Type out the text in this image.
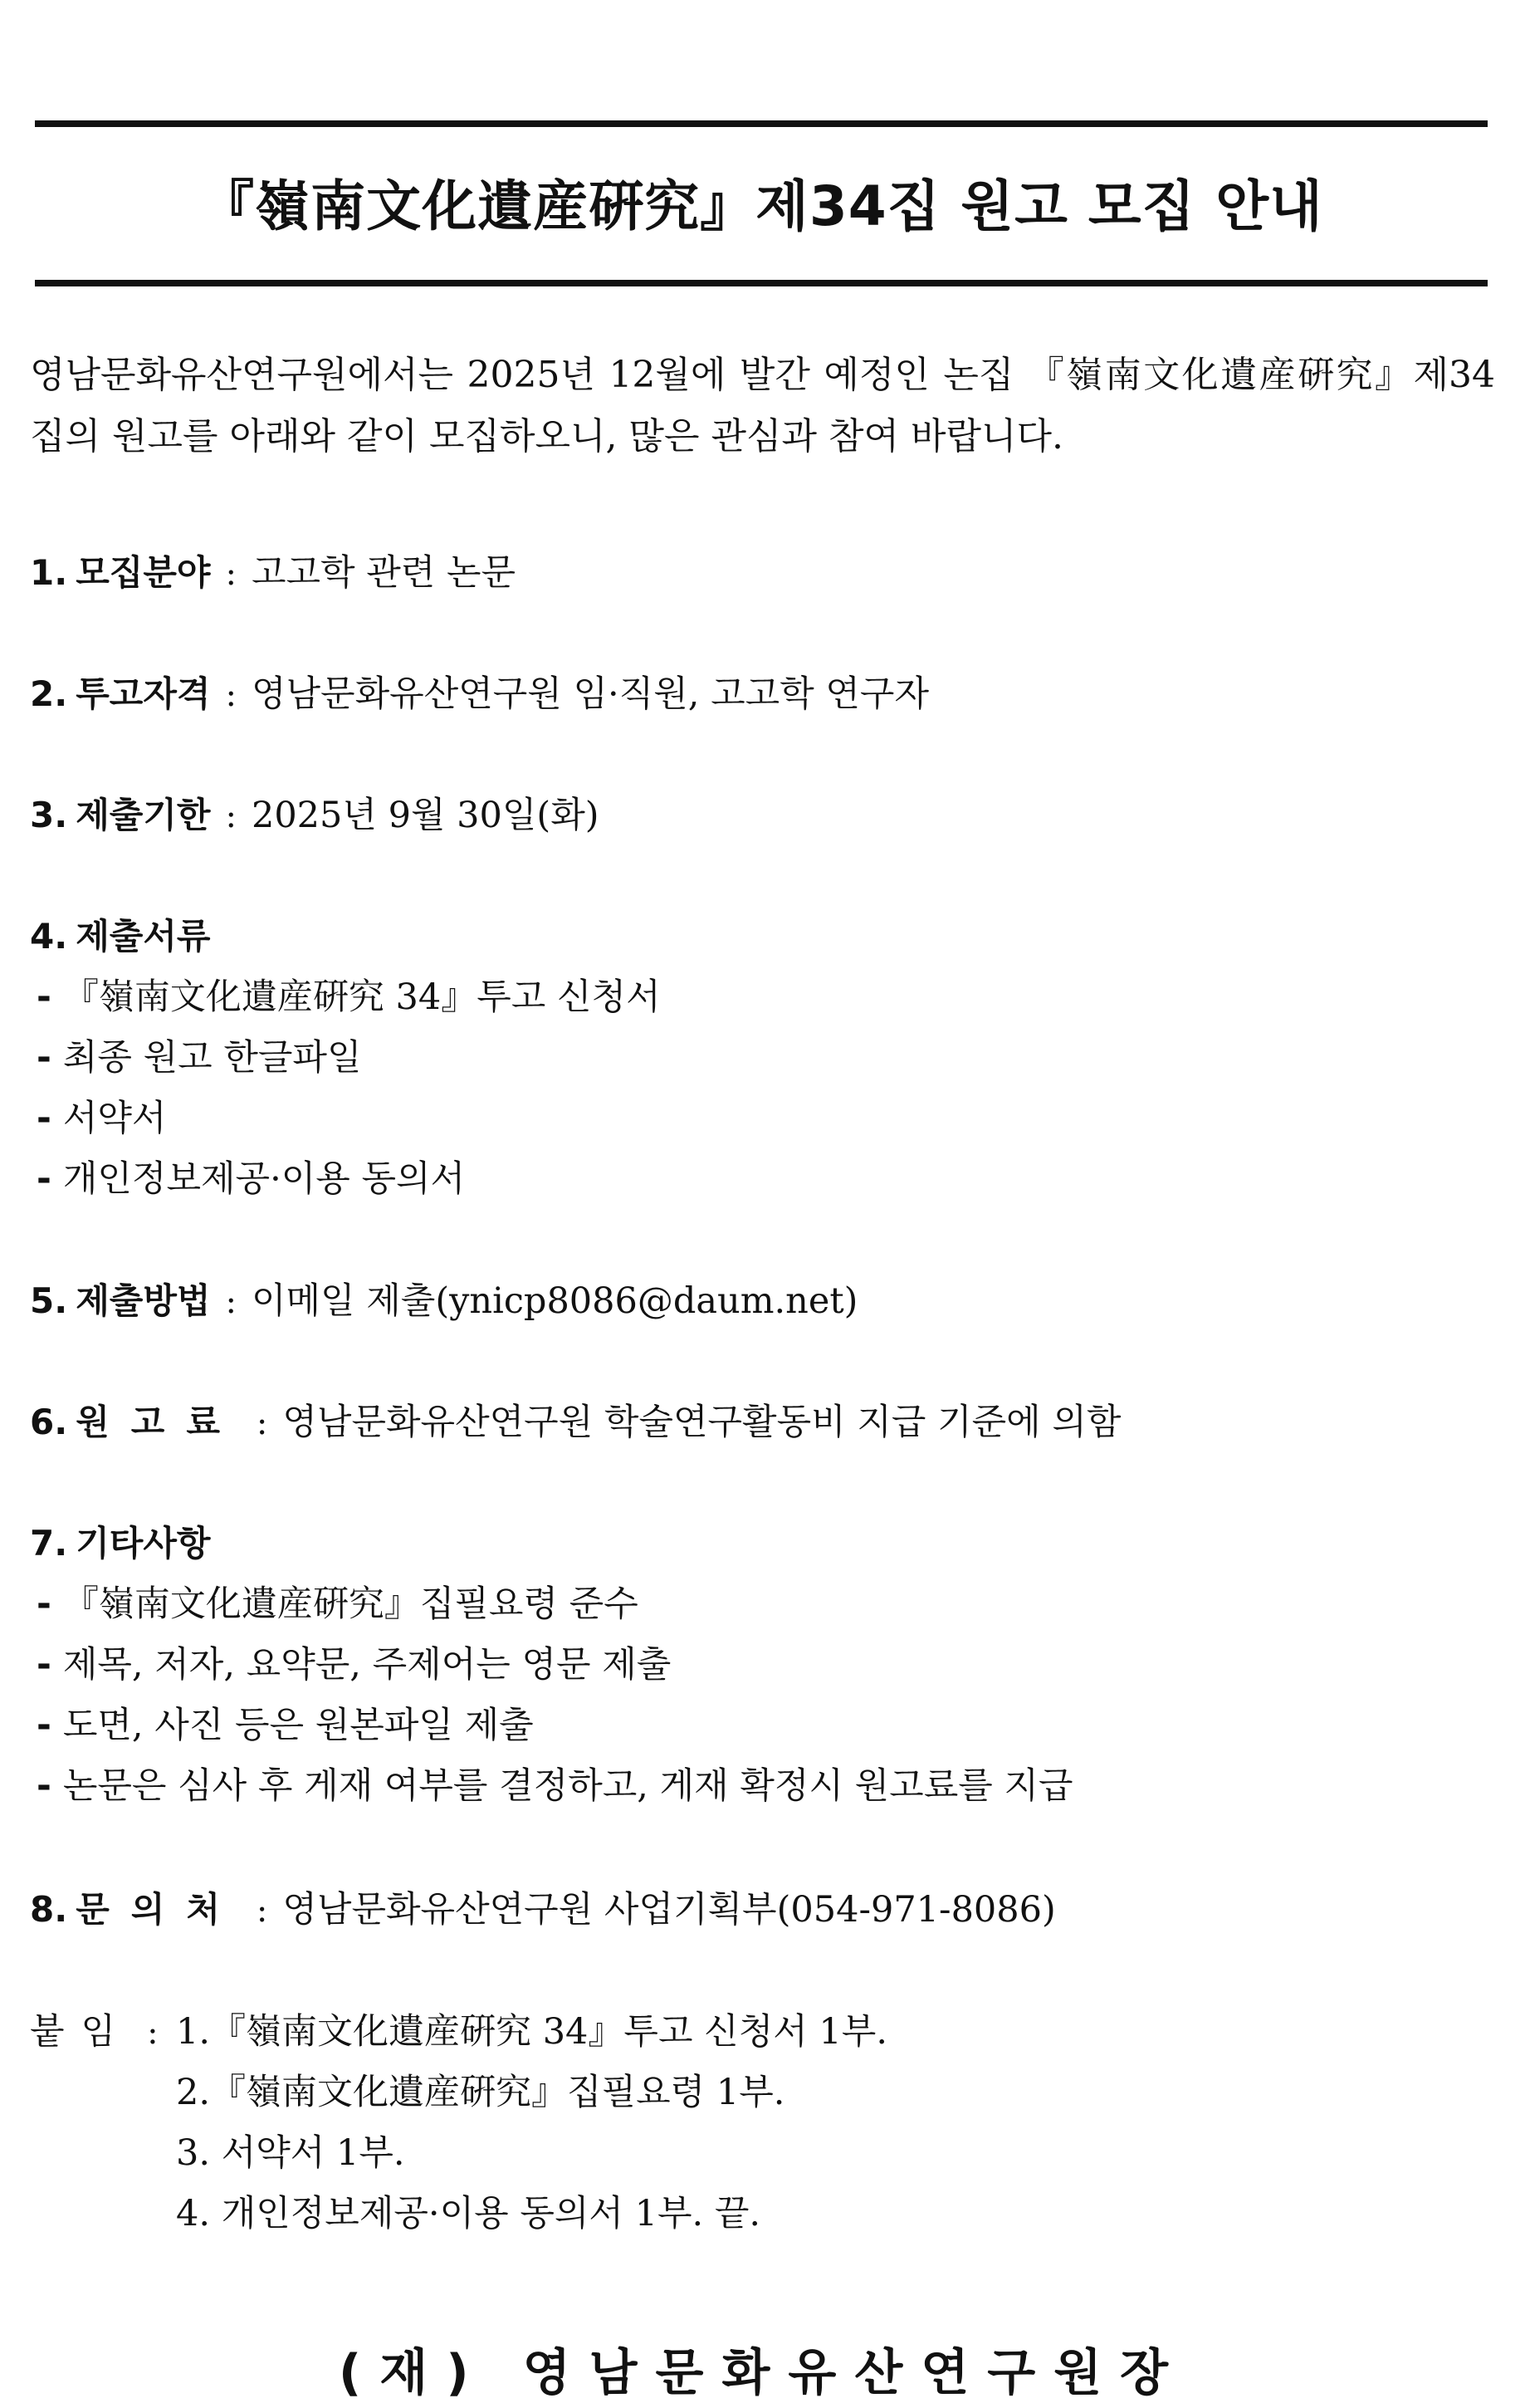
『嶺南文化遺産硏究』제34집 원고 모집 안내
영남문화유산연구원에서는 2025년 12월에 발간 예정인 논집 『嶺南文化遺産硏究』제34집의 원고를 아래와 같이 모집하오니, 많은 관심과 참여 바랍니다.
1. 모집분야 : 고고학 관련 논문
2. 투고자격 : 영남문화유산연구원 임·직원, 고고학 연구자
3. 제출기한 : 2025년 9월 30일(화)
4. 제출서류
- 『嶺南文化遺産硏究 34』투고 신청서
- 최종 원고 한글파일
- 서약서
- 개인정보제공·이용 동의서
5. 제출방법 : 이메일 제출(ynicp8086@daum.net)
6. 원고료 : 영남문화유산연구원 학술연구활동비 지급 기준에 의함
7. 기타사항
- 『嶺南文化遺産硏究』집필요령 준수
- 제목, 저자, 요약문, 주제어는 영문 제출
- 도면, 사진 등은 원본파일 제출
- 논문은 심사 후 게재 여부를 결정하고, 게재 확정시 원고료를 지급
8. 문의처 : 영남문화유산연구원 사업기획부(054-971-8086)
붙임 : 1.『嶺南文化遺産硏究 34』투고 신청서 1부.
2.『嶺南文化遺産硏究』집필요령 1부.
3. 서약서 1부.
4. 개인정보제공·이용 동의서 1부. 끝.
(재) 영남문화유산연구원장
